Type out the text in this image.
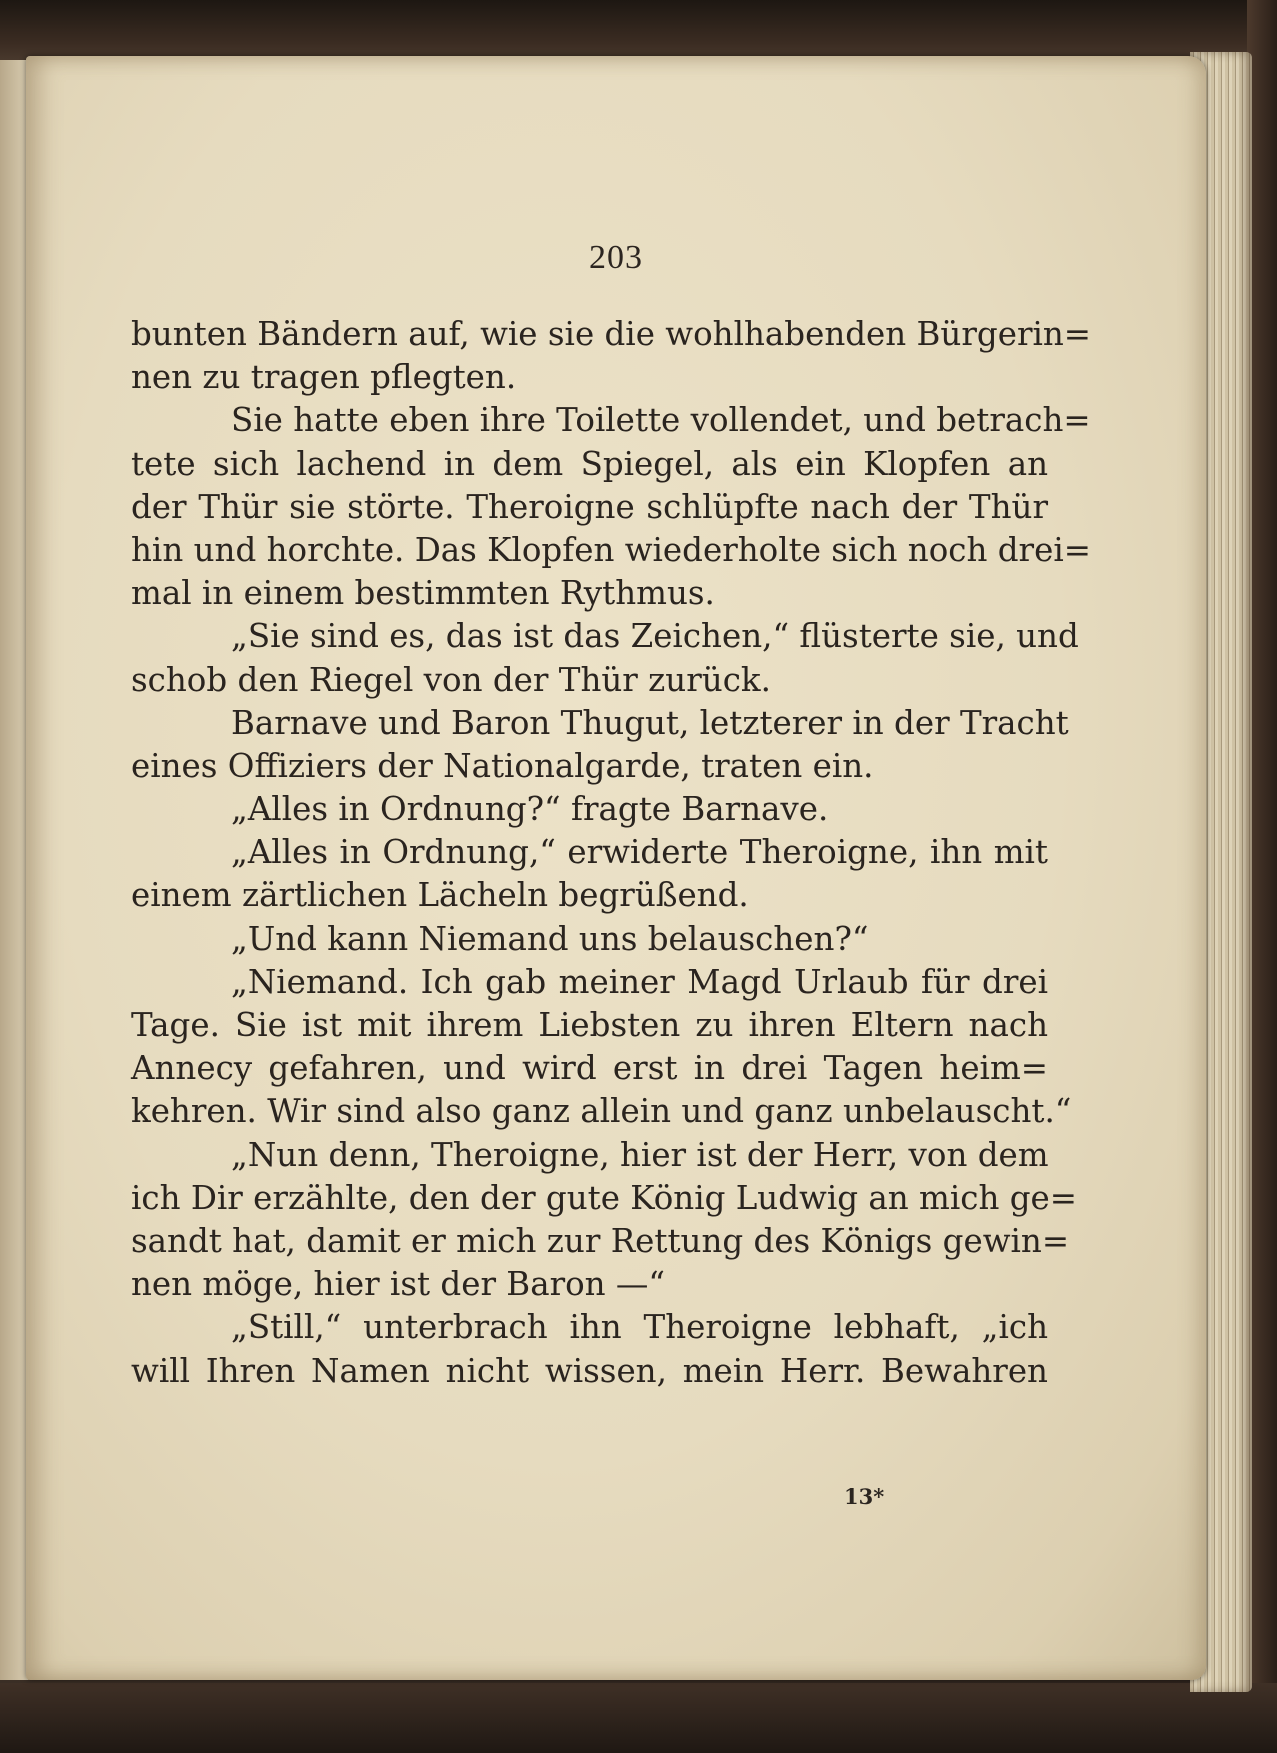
203
bunten Bändern auf, wie sie die wohlhabenden Bürgerin=
nen zu tragen pflegten.
Sie hatte eben ihre Toilette vollendet, und betrach=
tete sich lachend in dem Spiegel, als ein Klopfen an
der Thür sie störte. Theroigne schlüpfte nach der Thür
hin und horchte. Das Klopfen wiederholte sich noch drei=
mal in einem bestimmten Rythmus.
„Sie sind es, das ist das Zeichen,“ flüsterte sie, und
schob den Riegel von der Thür zurück.
Barnave und Baron Thugut, letzterer in der Tracht
eines Offiziers der Nationalgarde, traten ein.
„Alles in Ordnung?“ fragte Barnave.
„Alles in Ordnung,“ erwiderte Theroigne, ihn mit
einem zärtlichen Lächeln begrüßend.
„Und kann Niemand uns belauschen?“
„Niemand. Ich gab meiner Magd Urlaub für drei
Tage. Sie ist mit ihrem Liebsten zu ihren Eltern nach
Annecy gefahren, und wird erst in drei Tagen heim=
kehren. Wir sind also ganz allein und ganz unbelauscht.“
„Nun denn, Theroigne, hier ist der Herr, von dem
ich Dir erzählte, den der gute König Ludwig an mich ge=
sandt hat, damit er mich zur Rettung des Königs gewin=
nen möge, hier ist der Baron —“
„Still,“ unterbrach ihn Theroigne lebhaft, „ich
will Ihren Namen nicht wissen, mein Herr. Bewahren
13*
